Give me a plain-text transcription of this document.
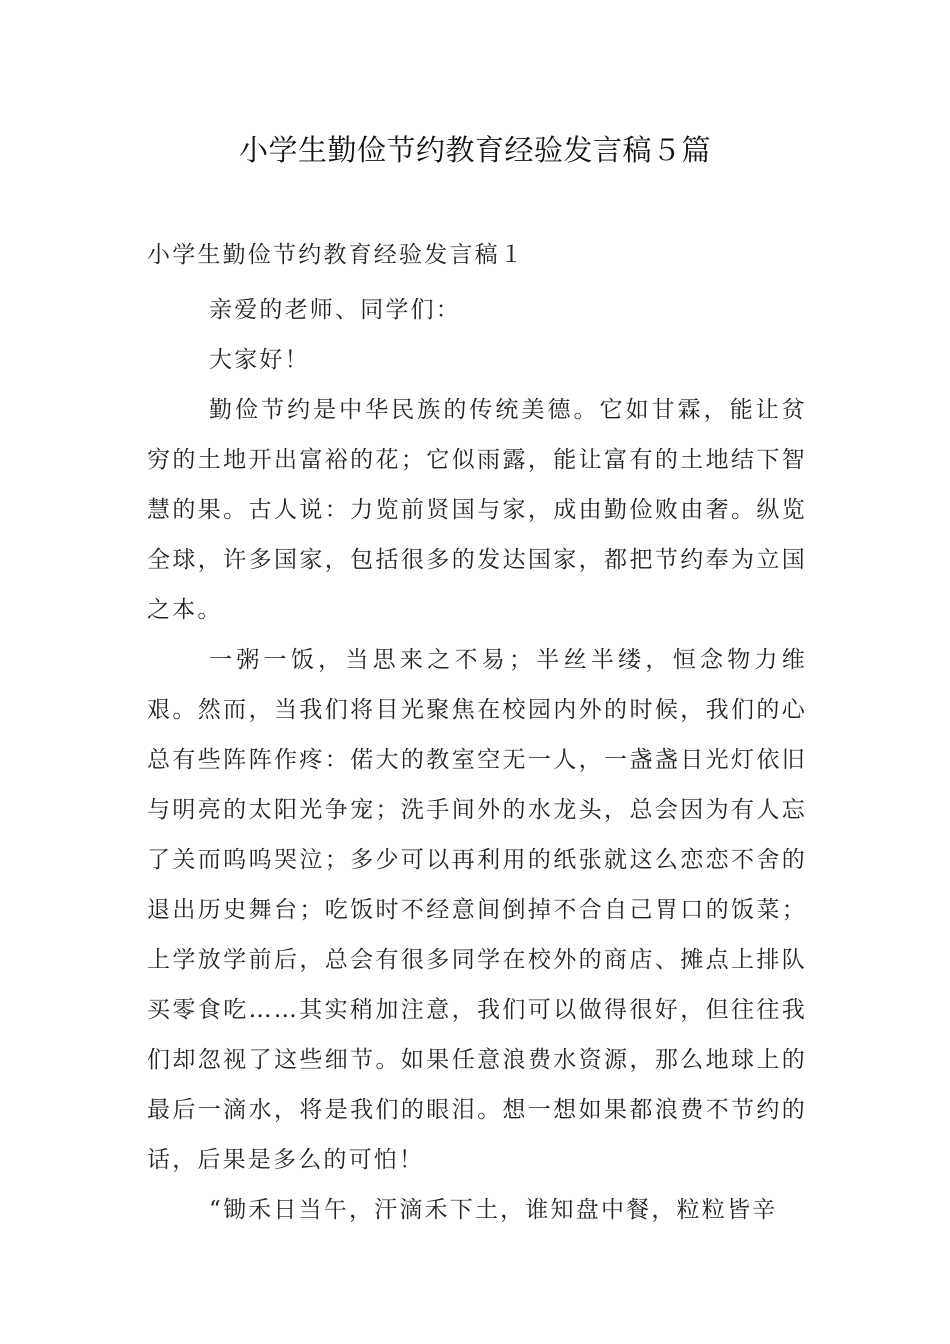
小学生勤俭节约教育经验发言稿５篇

小学生勤俭节约教育经验发言稿１

亲爱的老师、同学们：

大家好！

勤俭节约是中华民族的传统美德。它如甘霖，能让贫穷的土地开出富裕的花；它似雨露，能让富有的土地结下智慧的果。古人说：力览前贤国与家，成由勤俭败由奢。纵览全球，许多国家，包括很多的发达国家，都把节约奉为立国之本。

一粥一饭，当思来之不易；半丝半缕，恒念物力维艰。然而，当我们将目光聚焦在校园内外的时候，我们的心总有些阵阵作疼：偌大的教室空无一人，一盏盏日光灯依旧与明亮的太阳光争宠；洗手间外的水龙头，总会因为有人忘了关而呜呜哭泣；多少可以再利用的纸张就这么恋恋不舍的退出历史舞台；吃饭时不经意间倒掉不合自己胃口的饭菜；上学放学前后，总会有很多同学在校外的商店、摊点上排队买零食吃……其实稍加注意，我们可以做得很好，但往往我们却忽视了这些细节。如果任意浪费水资源，那么地球上的最后一滴水，将是我们的眼泪。想一想如果都浪费不节约的话，后果是多么的可怕！

“锄禾日当午，汗滴禾下土，谁知盘中餐，粒粒皆辛
